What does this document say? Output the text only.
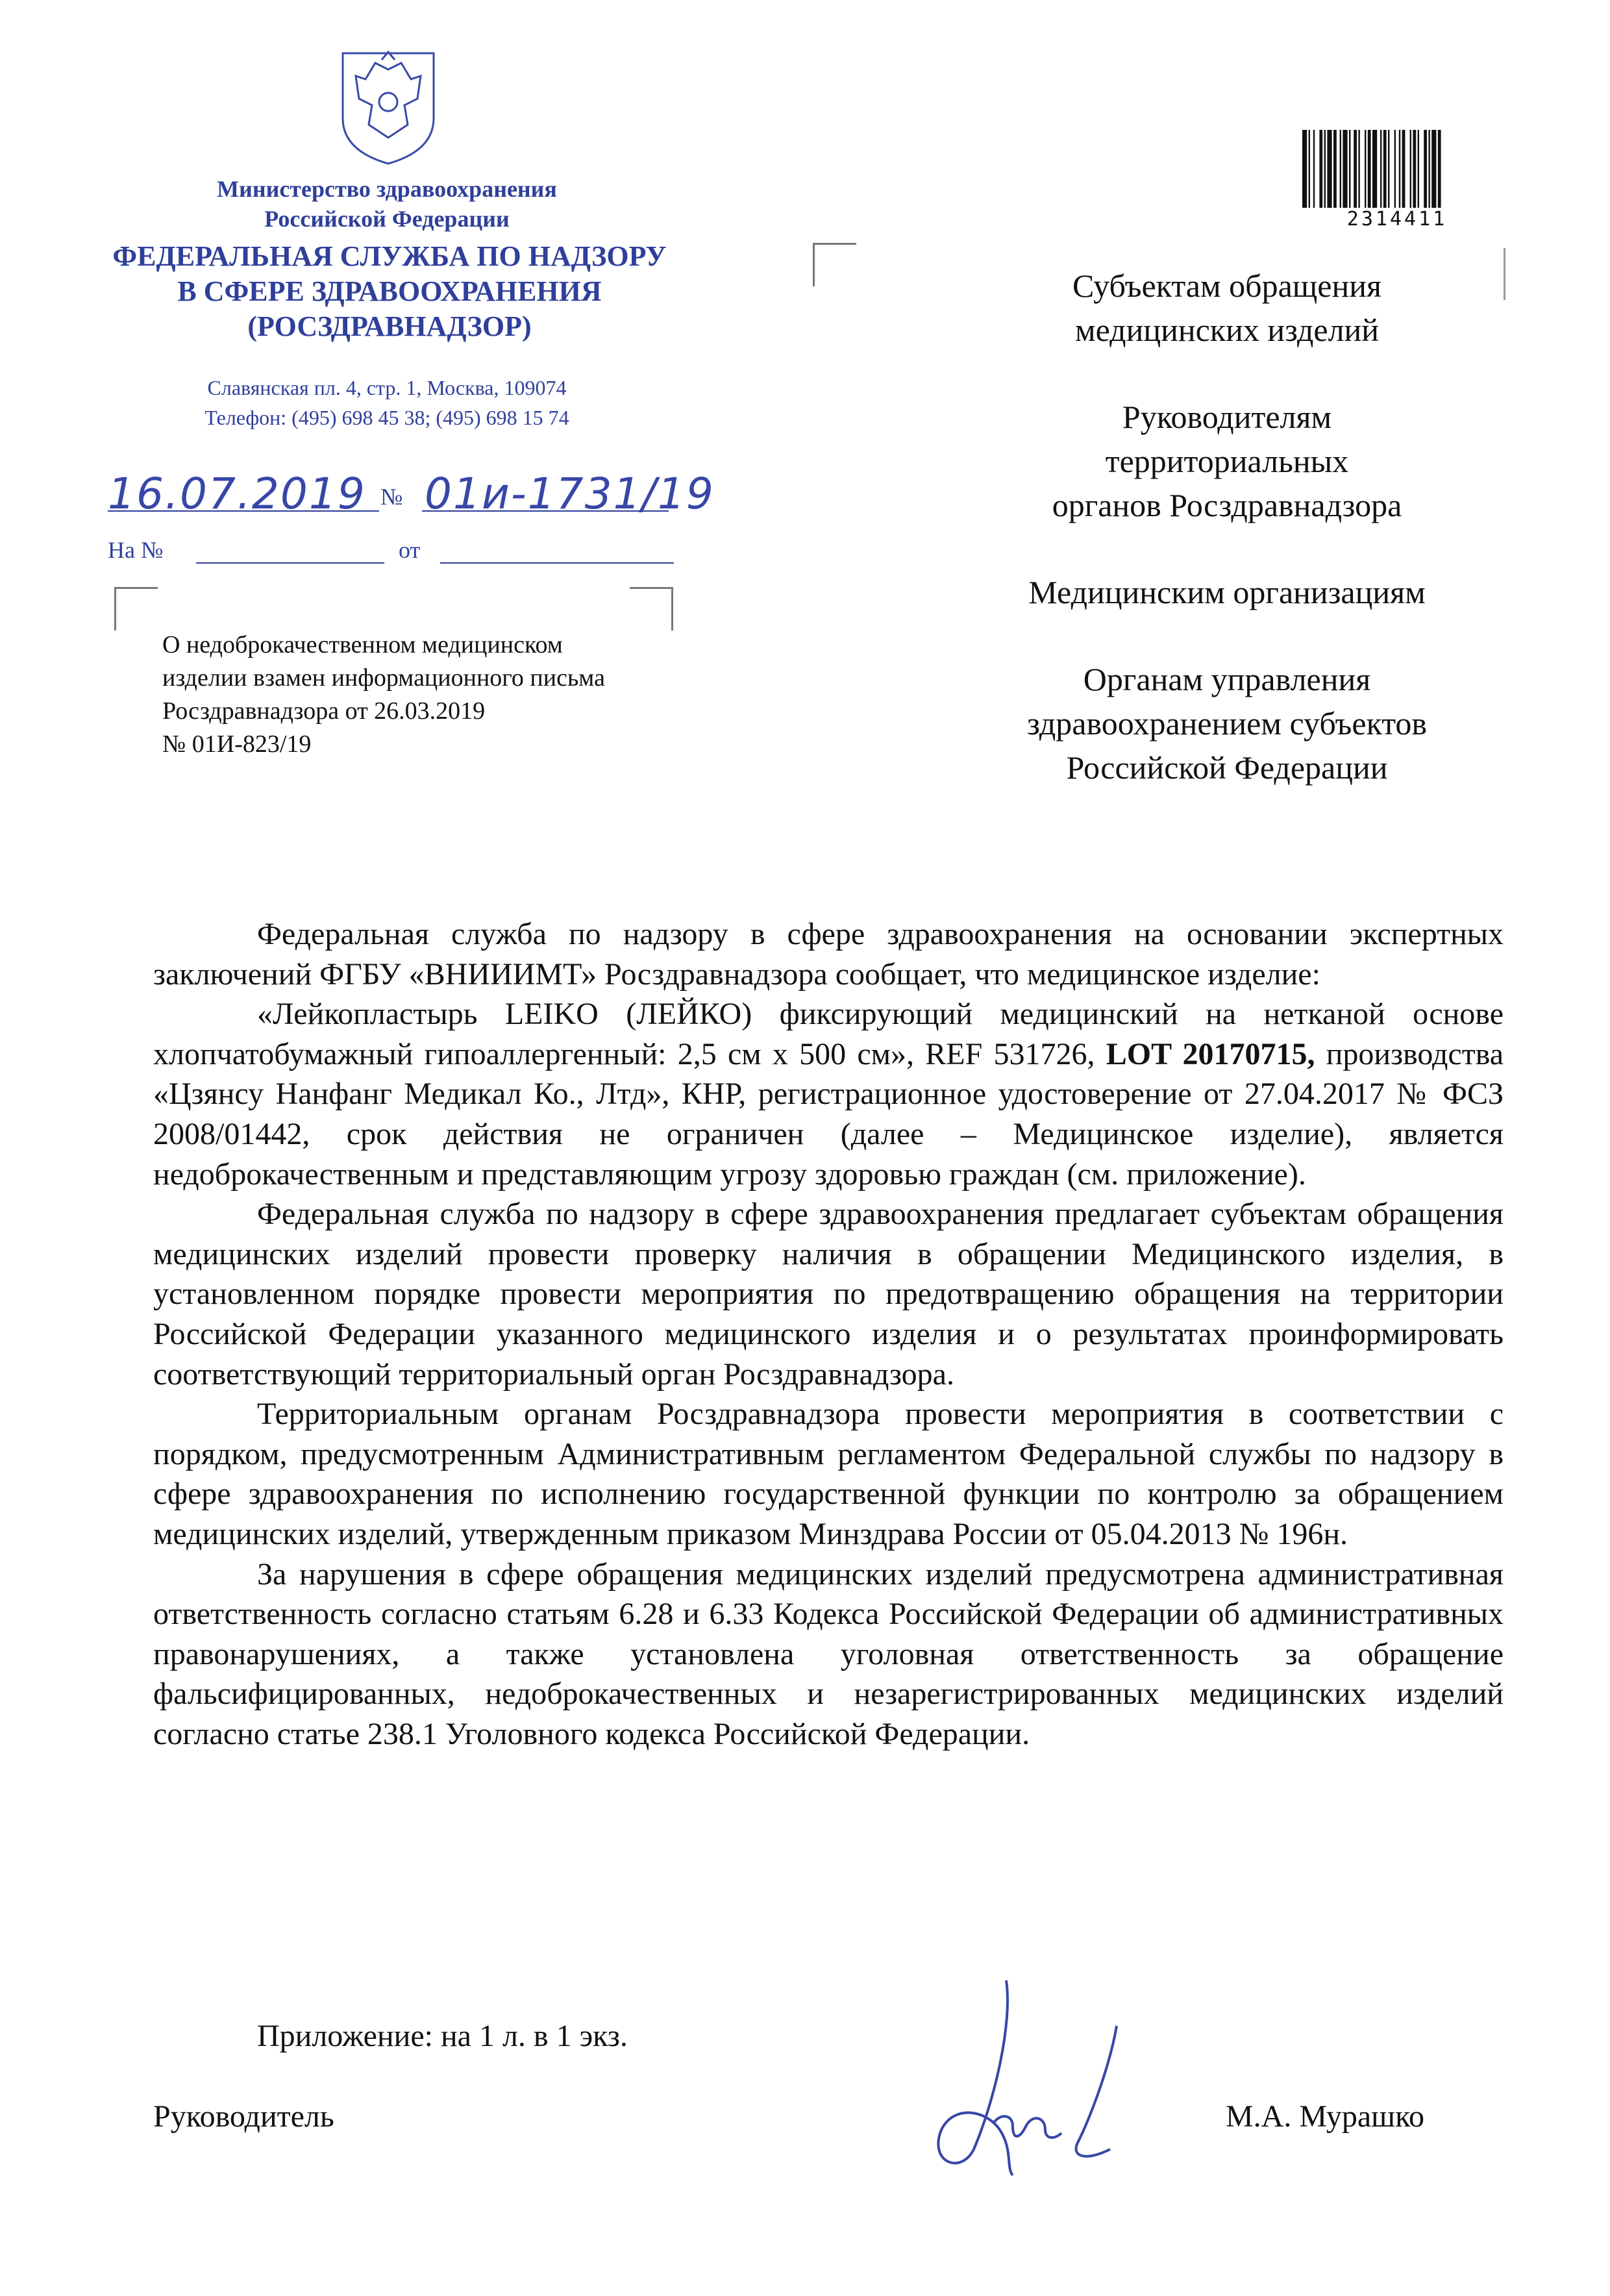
Министерство здравоохранения
Российской Федерации
ФЕДЕРАЛЬНАЯ СЛУЖБА ПО НАДЗОРУ
В СФЕРЕ ЗДРАВООХРАНЕНИЯ
(РОСЗДРАВНАДЗОР)
Славянская пл. 4, стр. 1, Москва, 109074
Телефон: (495) 698 45 38; (495) 698 15 74
16.07.2019 № 01и-1731/19
На №	от
О недоброкачественном медицинском
изделии взамен информационного письма
Росздравнадзора от 26.03.2019
№ 01И-823/19
2314411
Субъектам обращения
медицинских изделий
Руководителям
территориальных
органов Росздравнадзора
Медицинским организациям
Органам управления
здравоохранением субъектов
Российской Федерации

Федеральная служба по надзору в сфере здравоохранения на основании экспертных заключений ФГБУ «ВНИИИМТ» Росздравнадзора сообщает, что медицинское изделие:

«Лейкопластырь LEIKO (ЛЕЙКО) фиксирующий медицинский на нетканой основе хлопчатобумажный гипоаллергенный: 2,5 см х 500 см», REF 531726, LOT 20170715, производства «Цзянсу Нанфанг Медикал Ко., Лтд», КНР, регистрационное удостоверение от 27.04.2017 № ФСЗ 2008/01442, срок действия не ограничен (далее – Медицинское изделие), является недоброкачественным и представляющим угрозу здоровью граждан (см. приложение).

Федеральная служба по надзору в сфере здравоохранения предлагает субъектам обращения медицинских изделий провести проверку наличия в обращении Медицинского изделия, в установленном порядке провести мероприятия по предотвращению обращения на территории Российской Федерации указанного медицинского изделия и о результатах проинформировать соответствующий территориальный орган Росздравнадзора.

Территориальным органам Росздравнадзора провести мероприятия в соответствии с порядком, предусмотренным Административным регламентом Федеральной службы по надзору в сфере здравоохранения по исполнению государственной функции по контролю за обращением медицинских изделий, утвержденным приказом Минздрава России от 05.04.2013 № 196н.

За нарушения в сфере обращения медицинских изделий предусмотрена административная ответственность согласно статьям 6.28 и 6.33 Кодекса Российской Федерации об административных правонарушениях, а также установлена уголовная ответственность за обращение фальсифицированных, недоброкачественных и незарегистрированных медицинских изделий согласно статье 238.1 Уголовного кодекса Российской Федерации.

Приложение: на 1 л. в 1 экз.
Руководитель	М.А. Мурашко
